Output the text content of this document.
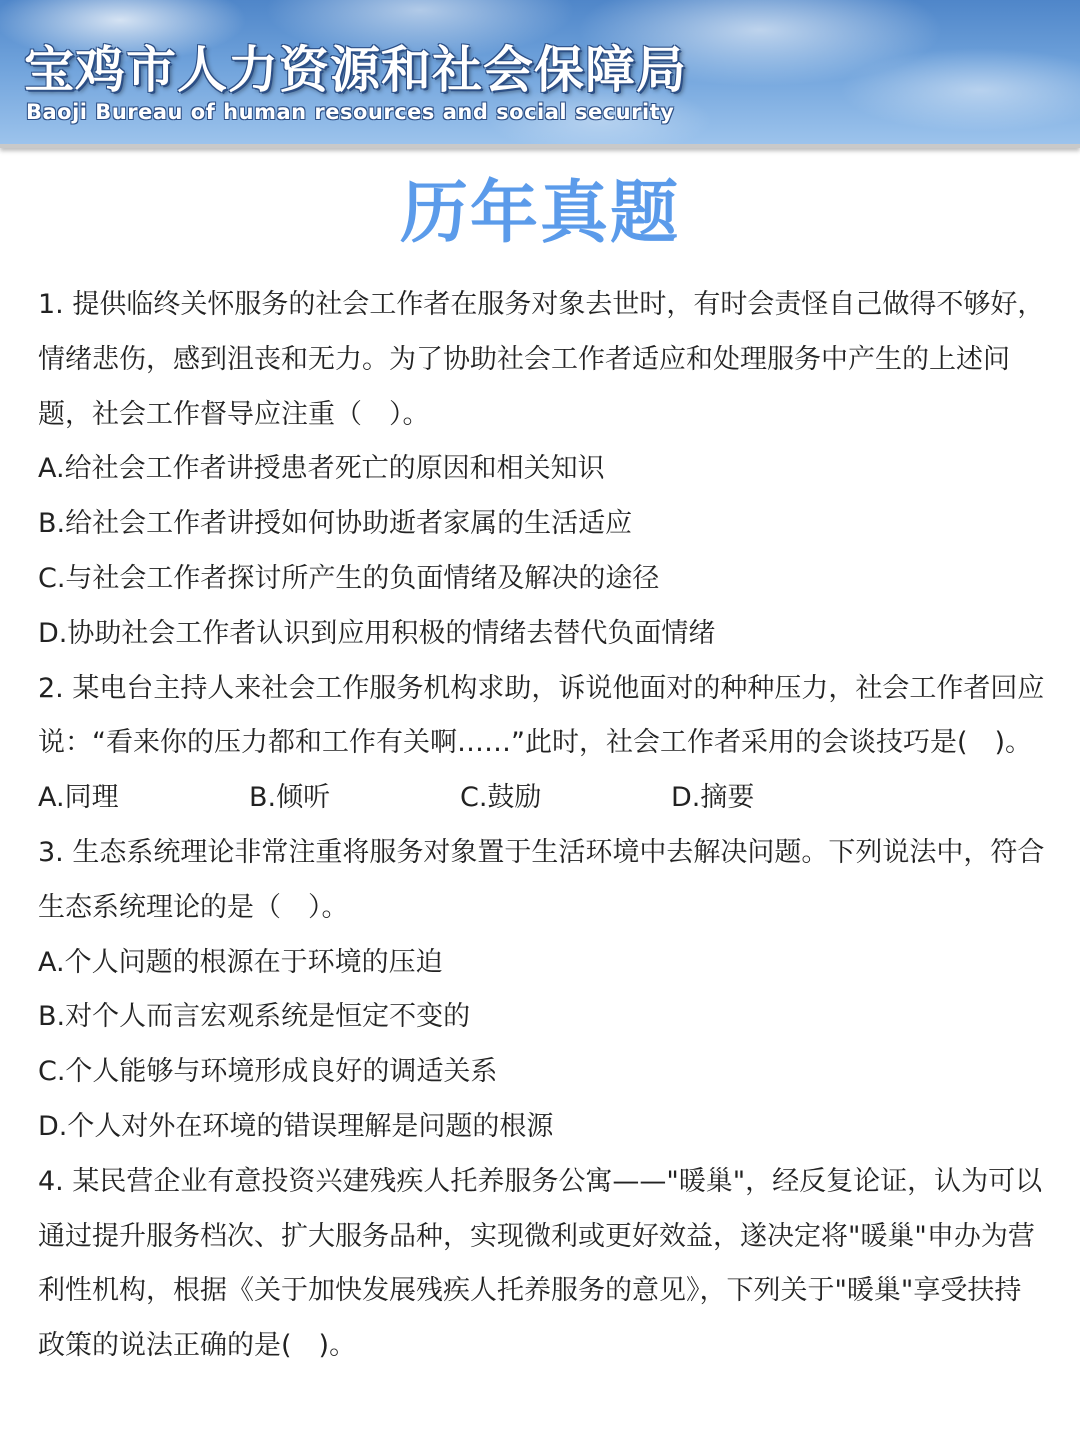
宝鸡市人力资源和社会保障局
Baoji Bureau of human resources and social security
历年真题

1. 提供临终关怀服务的社会工作者在服务对象去世时，有时会责怪自己做得不够好，情绪悲伤，感到沮丧和无力。为了协助社会工作者适应和处理服务中产生的上述问题，社会工作督导应注重（　）。

A.给社会工作者讲授患者死亡的原因和相关知识

B.给社会工作者讲授如何协助逝者家属的生活适应

C.与社会工作者探讨所产生的负面情绪及解决的途径

D.协助社会工作者认识到应用积极的情绪去替代负面情绪

2. 某电台主持人来社会工作服务机构求助，诉说他面对的种种压力，社会工作者回应说：“看来你的压力都和工作有关啊……”此时，社会工作者采用的会谈技巧是(　)。

A.同理	B.倾听	C.鼓励	D.摘要

3. 生态系统理论非常注重将服务对象置于生活环境中去解决问题。下列说法中，符合生态系统理论的是（　）。

A.个人问题的根源在于环境的压迫

B.对个人而言宏观系统是恒定不变的

C.个人能够与环境形成良好的调适关系

D.个人对外在环境的错误理解是问题的根源

4. 某民营企业有意投资兴建残疾人托养服务公寓——"暖巢"，经反复论证，认为可以通过提升服务档次、扩大服务品种，实现微利或更好效益，遂决定将"暖巢"申办为营利性机构，根据《关于加快发展残疾人托养服务的意见》，下列关于"暖巢"享受扶持政策的说法正确的是(　)。
